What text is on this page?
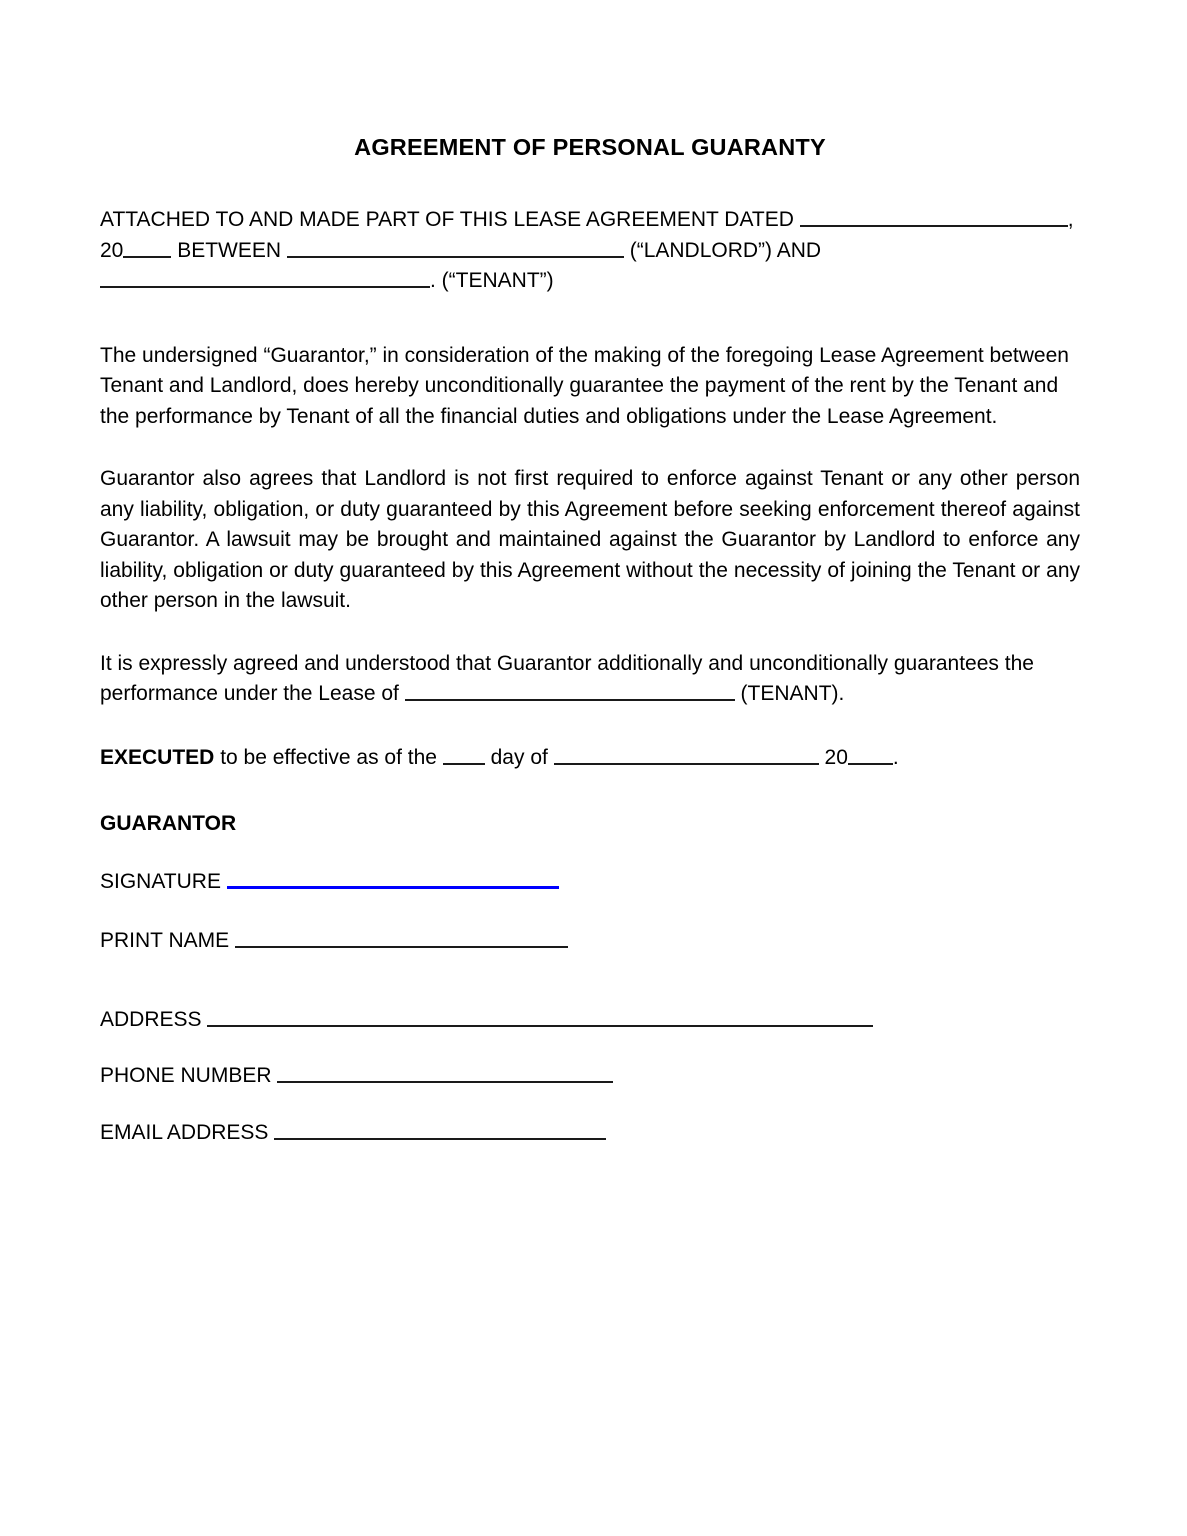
AGREEMENT OF PERSONAL GUARANTY
ATTACHED TO AND MADE PART OF THIS LEASE AGREEMENT DATED	,
20 BETWEEN	(“LANDLORD”) AND
. (“TENANT”)

The undersigned “Guarantor,” in consideration of the making of the foregoing Lease Agreement between Tenant and Landlord, does hereby unconditionally guarantee the payment of the rent by the Tenant and the performance by Tenant of all the financial duties and obligations under the Lease Agreement.

Guarantor also agrees that Landlord is not first required to enforce against Tenant or any other person any liability, obligation, or duty guaranteed by this Agreement before seeking enforcement thereof against Guarantor. A lawsuit may be brought and maintained against the Guarantor by Landlord to enforce any liability, obligation or duty guaranteed by this Agreement without the necessity of joining the Tenant or any other person in the lawsuit.

It is expressly agreed and understood that Guarantor additionally and unconditionally guarantees the performance under the Lease of	(TENANT).
EXECUTED to be effective as of the  day of	20 .
GUARANTOR
SIGNATURE
PRINT NAME
ADDRESS
PHONE NUMBER
EMAIL ADDRESS
